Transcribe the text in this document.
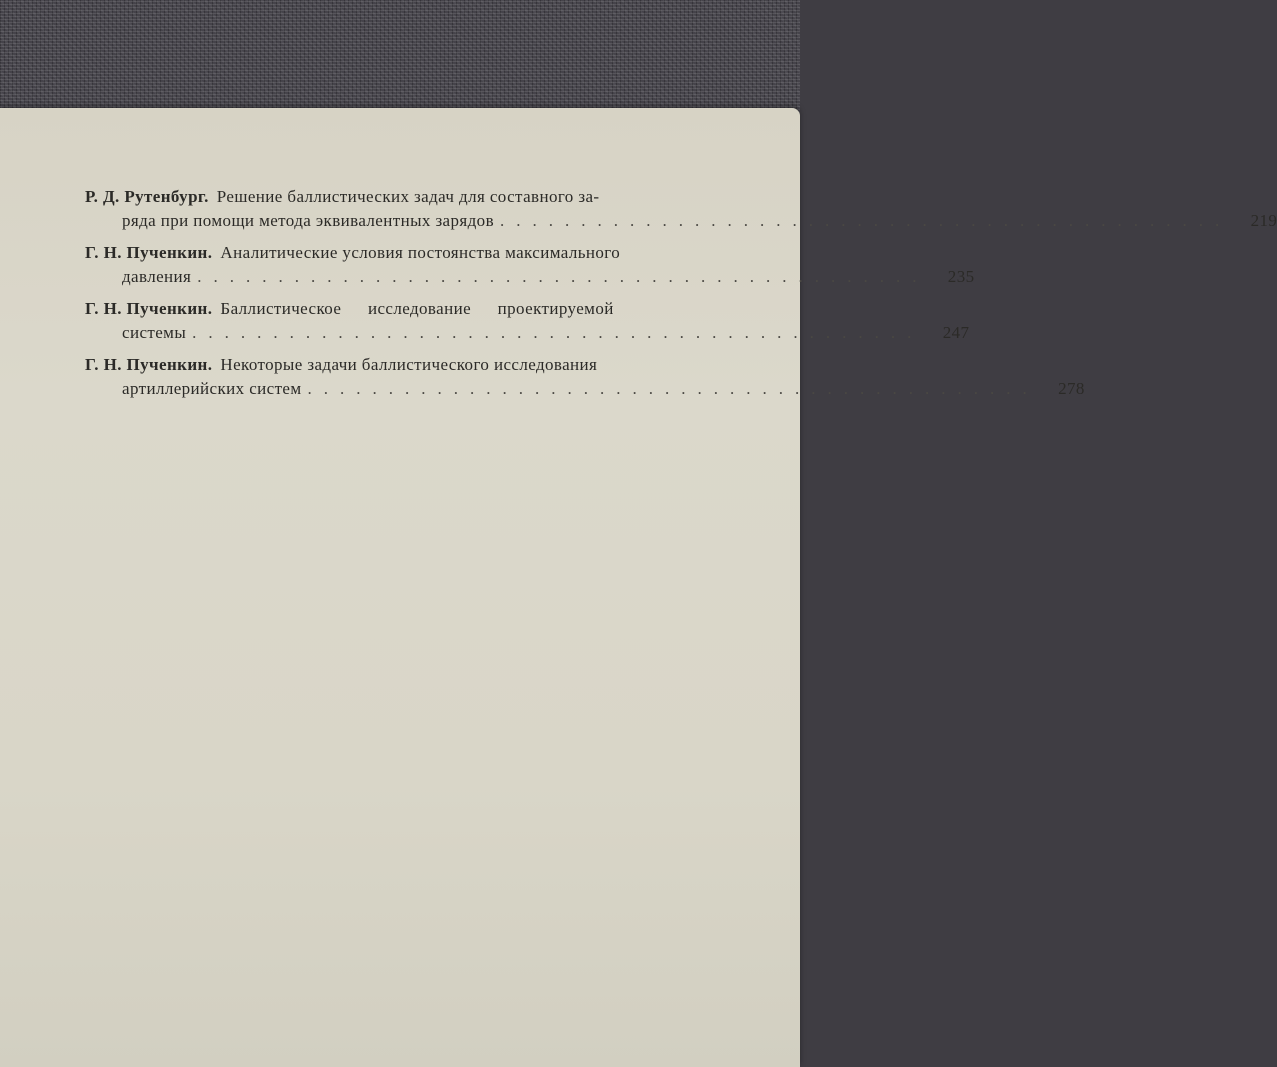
Р. Д. Рутенбург. Решение баллистических задач для составного за-
ряда при помощи метода эквивалентных зарядов .............................................	219
Г. Н. Пученкин. Аналитические условия постоянства максимального
давления .............................................	235
Г. Н. Пученкин. Баллистическое исследование проектируемой
системы .............................................	247
Г. Н. Пученкин. Некоторые задачи баллистического исследования
артиллерийских систем .............................................	278
